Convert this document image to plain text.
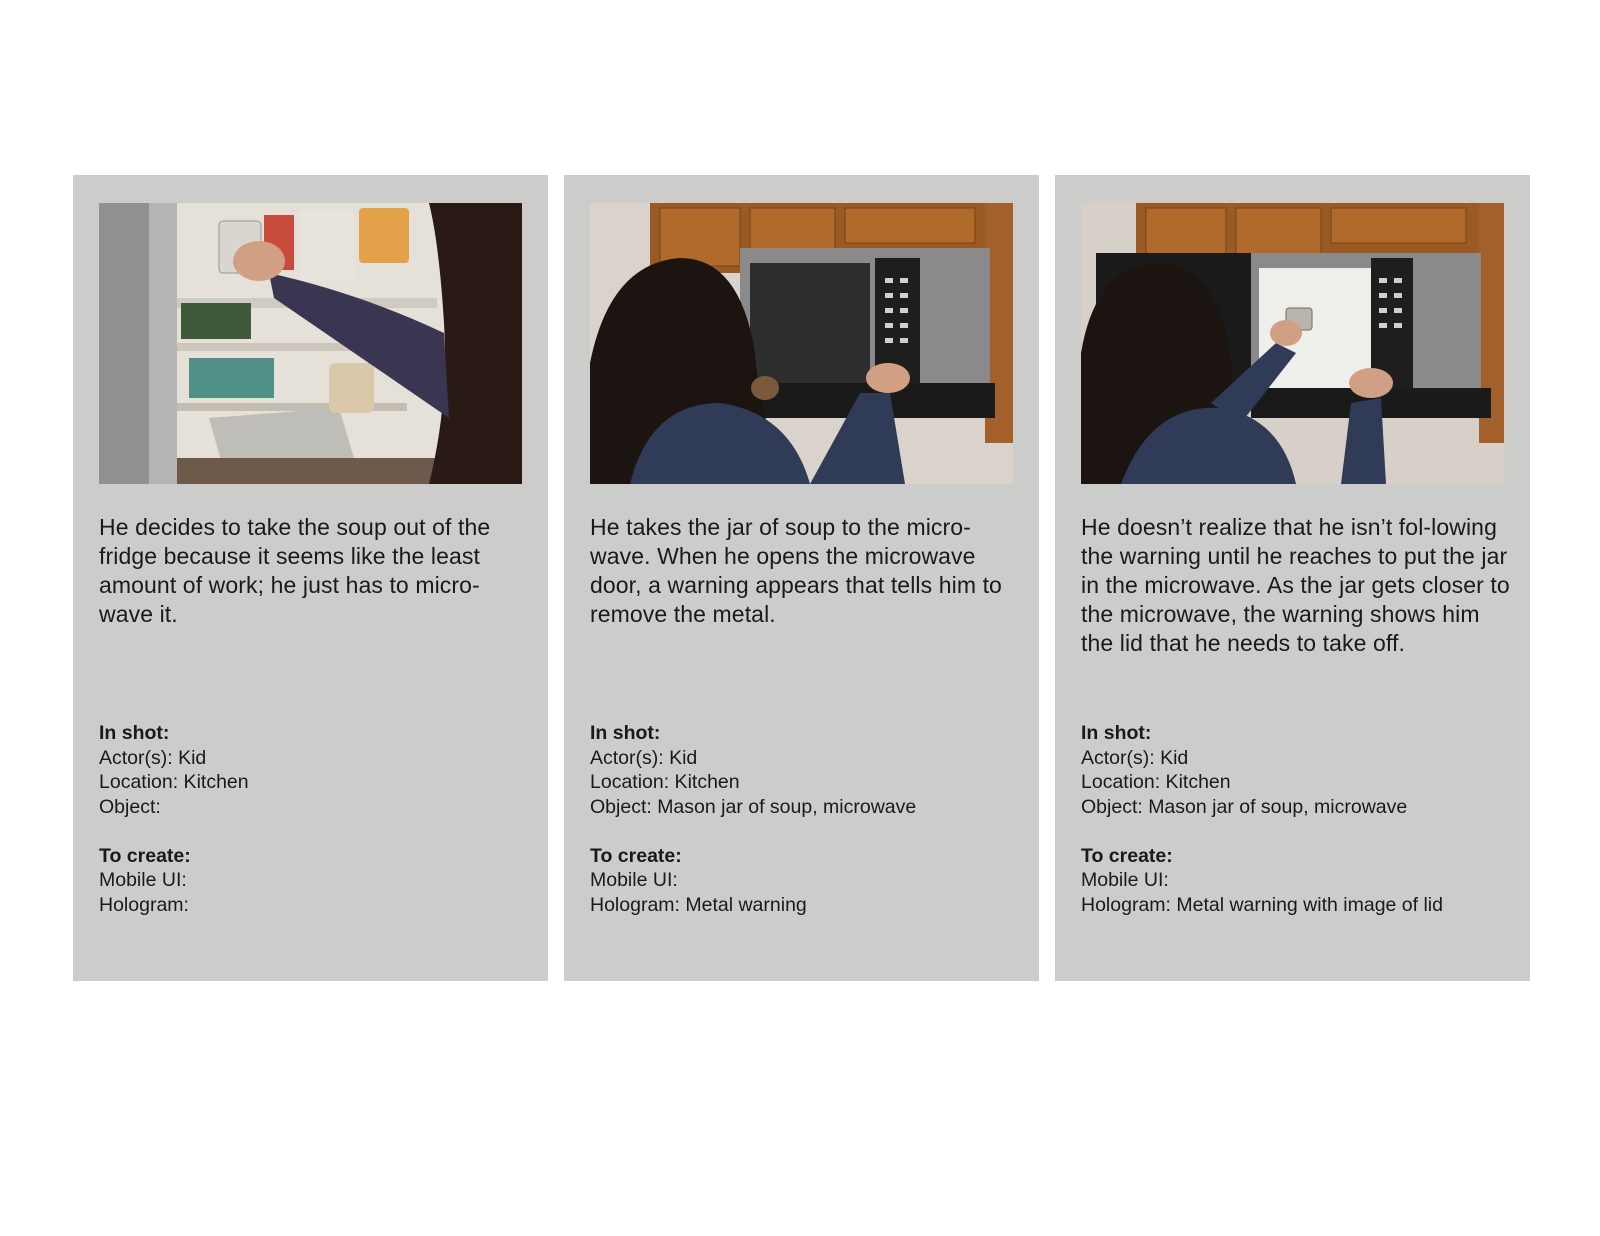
He decides to take the soup out of the fridge because it seems like the least amount of work; he just has to micro-wave it.

In shot:
Actor(s): Kid
Location: Kitchen
Object:
To create:
Mobile UI:
Hologram:

He takes the jar of soup to the micro-wave. When he opens the microwave door, a warning appears that tells him to remove the metal.

In shot:
Actor(s): Kid
Location: Kitchen
Object: Mason jar of soup, microwave
To create:
Mobile UI:
Hologram: Metal warning

He doesn’t realize that he isn’t fol-lowing the warning until he reaches to put the jar in the microwave. As the jar gets closer to the microwave, the warning shows him the lid that he needs to take off.

In shot:
Actor(s): Kid
Location: Kitchen
Object: Mason jar of soup, microwave
To create:
Mobile UI:
Hologram: Metal warning with image of lid
